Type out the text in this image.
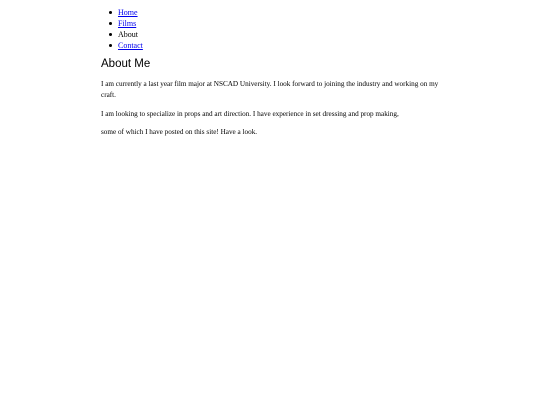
Home
Films
About
Contact
About Me

I am currently a last year film major at NSCAD University. I look forward to joining the industry and working on my craft.

I am looking to specialize in props and art direction. I have experience in set dressing and prop making,

some of which I have posted on this site! Have a look.
